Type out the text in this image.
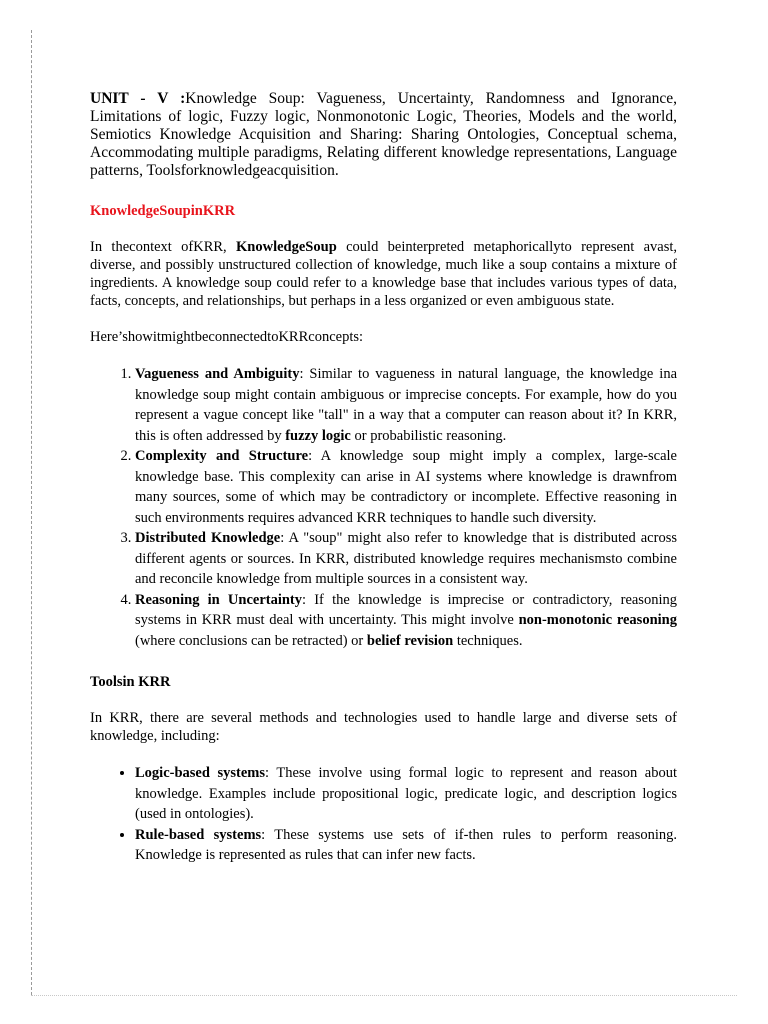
UNIT - V :Knowledge Soup: Vagueness, Uncertainty, Randomness and Ignorance, Limitations of logic, Fuzzy logic, Nonmonotonic Logic, Theories, Models and the world, Semiotics Knowledge Acquisition and Sharing: Sharing Ontologies, Conceptual schema, Accommodating multiple paradigms, Relating different knowledge representations, Language patterns, Toolsforknowledgeacquisition.

KnowledgeSoupinKRR

In thecontext ofKRR, KnowledgeSoup could beinterpreted metaphoricallyto represent avast, diverse, and possibly unstructured collection of knowledge, much like a soup contains a mixture of ingredients. A knowledge soup could refer to a knowledge base that includes various types of data, facts, concepts, and relationships, but perhaps in a less organized or even ambiguous state.

Here’showitmightbeconnectedtoKRRconcepts:

1. Vagueness and Ambiguity: Similar to vagueness in natural language, the knowledge ina knowledge soup might contain ambiguous or imprecise concepts. For example, how do you represent a vague concept like "tall" in a way that a computer can reason about it? In KRR, this is often addressed by fuzzy logic or probabilistic reasoning.
2. Complexity and Structure: A knowledge soup might imply a complex, large-scale knowledge base. This complexity can arise in AI systems where knowledge is drawnfrom many sources, some of which may be contradictory or incomplete. Effective reasoning in such environments requires advanced KRR techniques to handle such diversity.
3. Distributed Knowledge: A "soup" might also refer to knowledge that is distributed across different agents or sources. In KRR, distributed knowledge requires mechanismsto combine and reconcile knowledge from multiple sources in a consistent way.
4. Reasoning in Uncertainty: If the knowledge is imprecise or contradictory, reasoning systems in KRR must deal with uncertainty. This might involve non-monotonic reasoning (where conclusions can be retracted) or belief revision techniques.
Toolsin KRR

In KRR, there are several methods and technologies used to handle large and diverse sets of knowledge, including:

• Logic-based systems: These involve using formal logic to represent and reason about knowledge. Examples include propositional logic, predicate logic, and description logics (used in ontologies).
• Rule-based systems: These systems use sets of if-then rules to perform reasoning. Knowledge is represented as rules that can infer new facts.
